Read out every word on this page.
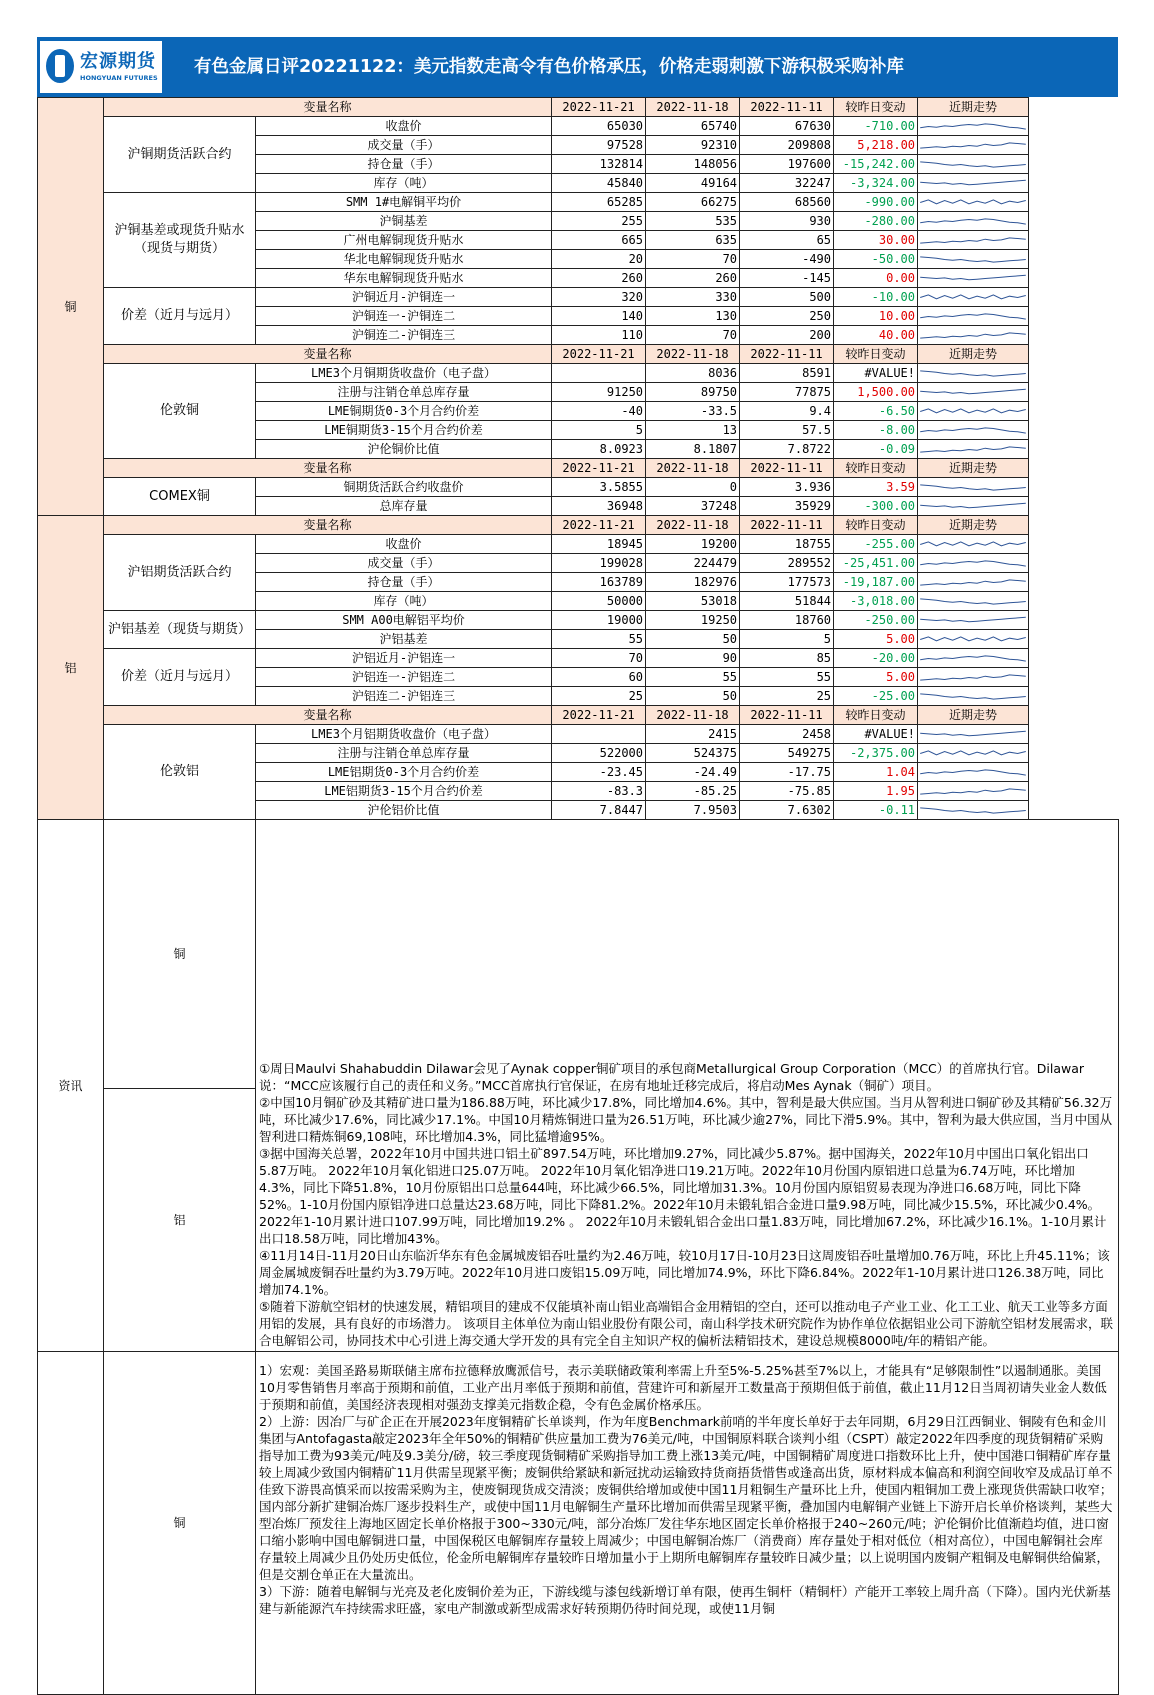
宏源期货
HONGYUAN FUTURES
有色金属日评20221122：美元指数走高令有色价格承压，价格走弱刺激下游积极采购补库
铜	变量名称		2022-11-21	2022-11-18	2022-11-11	较昨日变动	近期走势
	沪铜期货活跃合约	收盘价	65030	65740	67630	-710.00	

		成交量（手）	97528	92310	209808	5,218.00	

		持仓量（手）	132814	148056	197600	-15,242.00	

		库存（吨）	45840	49164	32247	-3,324.00	

	沪铜基差或现货升贴水（现货与期货）	SMM 1#电解铜平均价	65285	66275	68560	-990.00	

		沪铜基差	255	535	930	-280.00	

		广州电解铜现货升贴水	665	635	65	30.00	

		华北电解铜现货升贴水	20	70	-490	-50.00	

		华东电解铜现货升贴水	260	260	-145	0.00	

	价差（近月与远月）	沪铜近月-沪铜连一	320	330	500	-10.00	

		沪铜连一-沪铜连二	140	130	250	10.00	

		沪铜连二-沪铜连三	110	70	200	40.00	

	变量名称		2022-11-21	2022-11-18	2022-11-11	较昨日变动	近期走势
	伦敦铜	LME3个月铜期货收盘价（电子盘）		8036	8591	#VALUE!	

		注册与注销仓单总库存量	91250	89750	77875	1,500.00	

		LME铜期货0-3个月合约价差	-40	-33.5	9.4	-6.50	

		LME铜期货3-15个月合约价差	5	13	57.5	-8.00	

		沪伦铜价比值	8.0923	8.1807	7.8722	-0.09	

	变量名称		2022-11-21	2022-11-18	2022-11-11	较昨日变动	近期走势
	COMEX铜	铜期货活跃合约收盘价	3.5855	0	3.936	3.59	

		总库存量	36948	37248	35929	-300.00	

铝	变量名称		2022-11-21	2022-11-18	2022-11-11	较昨日变动	近期走势
	沪铝期货活跃合约	收盘价	18945	19200	18755	-255.00	

		成交量（手）	199028	224479	289552	-25,451.00	

		持仓量（手）	163789	182976	177573	-19,187.00	

		库存（吨）	50000	53018	51844	-3,018.00	

	沪铝基差（现货与期货）	SMM A00电解铝平均价	19000	19250	18760	-250.00	

		沪铝基差	55	50	5	5.00	

	价差（近月与远月）	沪铝近月-沪铝连一	70	90	85	-20.00	

		沪铝连一-沪铝连二	60	55	55	5.00	

		沪铝连二-沪铝连三	25	50	25	-25.00	

	变量名称		2022-11-21	2022-11-18	2022-11-11	较昨日变动	近期走势
	伦敦铝	LME3个月铝期货收盘价（电子盘）		2415	2458	#VALUE!	

		注册与注销仓单总库存量	522000	524375	549275	-2,375.00	

		LME铝期货0-3个月合约价差	-23.45	-24.49	-17.75	1.04	

		LME铝期货3-15个月合约价差	-83.3	-85.25	-75.85	1.95	

		沪伦铝价比值	7.8447	7.9503	7.6302	-0.11	

资讯	铜	①周日Maulvi Shahabuddin Dilawar会见了Aynak copper铜矿项目的承包商Metallurgical Group Corporation（MCC）的首席执行官。Dilawar说：“MCC应该履行自己的责任和义务。”MCC首席执行官保证，在房有地址迁移完成后，将启动Mes Aynak（铜矿）项目。
②中国10月铜矿砂及其精矿进口量为186.88万吨，环比减少17.8%，同比增加4.6%。其中，智利是最大供应国。当月从智利进口铜矿砂及其精矿56.32万吨，环比减少17.6%，同比减少17.1%。中国10月精炼铜进口量为26.51万吨，环比减少逾27%，同比下滑5.9%。其中，智利为最大供应国，当月中国从智利进口精炼铜69,108吨，环比增加4.3%，同比猛增逾95%。
③据中国海关总署，2022年10月中国共进口铝土矿897.54万吨，环比增加9.27%，同比减少5.87%。据中国海关，2022年10月中国出口氧化铝出口5.87万吨。 2022年10月氧化铝进口25.07万吨。 2022年10月氧化铝净进口19.21万吨。2022年10月份国内原铝进口总量为6.74万吨，环比增加4.3%，同比下降51.8%，10月份原铝出口总量644吨，环比减少66.5%，同比增加31.3%。10月份国内原铝贸易表现为净进口6.68万吨，同比下降52%。1-10月份国内原铝净进口总量达23.68万吨，同比下降81.2%。2022年10月未锻轧铝合金进口量9.98万吨，同比减少15.5%，环比减少0.4%。2022年1-10月累计进口107.99万吨，同比增加19.2% 。 2022年10月未锻轧铝合金出口量1.83万吨，同比增加67.2%，环比减少16.1%。1-10月累计出口18.58万吨，同比增加43%。
④11月14日-11月20日山东临沂华东有色金属城废铝吞吐量约为2.46万吨，较10月17日-10月23日这周废铝吞吐量增加0.76万吨，环比上升45.11%；该周金属城废铜吞吐量约为3.79万吨。2022年10月进口废铝15.09万吨，同比增加74.9%，环比下降6.84%。2022年1-10月累计进口126.38万吨，同比增加74.1%。
⑤随着下游航空铝材的快速发展，精铝项目的建成不仅能填补南山铝业高端铝合金用精铝的空白，还可以推动电子产业工业、化工工业、航天工业等多方面用铝的发展，具有良好的市场潜力。 该项目主体单位为南山铝业股份有限公司，南山科学技术研究院作为协作单位依据铝业公司下游航空铝材发展需求，联合电解铝公司，协同技术中心引进上海交通大学开发的具有完全自主知识产权的偏析法精铝技术，建设总规模8000吨/年的精铝产能。					
	铝						
	铜	1）宏观：美国圣路易斯联储主席布拉德释放鹰派信号，表示美联储政策利率需上升至5%-5.25%甚至7%以上，才能具有“足够限制性”以遏制通胀。美国10月零售销售月率高于预期和前值，工业产出月率低于预期和前值，营建许可和新屋开工数量高于预期但低于前值，截止11月12日当周初请失业金人数低于预期和前值，美国经济表现相对强劲支撑美元指数企稳，令有色金属价格承压。
2）上游：因冶厂与矿企正在开展2023年度铜精矿长单谈判，作为年度Benchmark前哨的半年度长单好于去年同期，6月29日江西铜业、铜陵有色和金川集团与Antofagasta敲定2023年全年50%的铜精矿供应量加工费为76美元/吨，中国铜原料联合谈判小组（CSPT）敲定2022年四季度的现货铜精矿采购指导加工费为93美元/吨及9.3美分/磅，较三季度现货铜精矿采购指导加工费上涨13美元/吨，中国铜精矿周度进口指数环比上升，使中国港口铜精矿库存量较上周减少致国内铜精矿11月供需呈现紧平衡；废铜供给紧缺和新冠扰动运输致持货商捂货惜售或逢高出货，原材料成本偏高和利润空间收窄及成品订单不佳致下游畏高慎采而以按需采购为主，使废铜现货成交清淡；废铜供给增加或使中国11月粗铜生产量环比上升，使国内粗铜加工费上涨现货供需缺口收窄；国内部分新扩建铜冶炼厂逐步投料生产，或使中国11月电解铜生产量环比增加而供需呈现紧平衡，叠加国内电解铜产业链上下游开启长单价格谈判，某些大型冶炼厂预发往上海地区固定长单价格报于300~330元/吨，部分冶炼厂发往华东地区固定长单价格报于240~260元/吨；沪伦铜价比值渐趋均值，进口窗口缩小影响中国电解铜进口量，中国保税区电解铜库存量较上周减少；中国电解铜冶炼厂（消费商）库存量处于相对低位（相对高位），中国电解铜社会库存量较上周减少且仍处历史低位，伦金所电解铜库存量较昨日增加量小于上期所电解铜库存量较昨日减少量；以上说明国内废铜产粗铜及电解铜供给偏紧，但是交割仓单正在大量流出。
3）下游：随着电解铜与光亮及老化废铜价差为正，下游线缆与漆包线新增订单有限，使再生铜杆（精铜杆）产能开工率较上周升高（下降）。国内光伏新基建与新能源汽车持续需求旺盛，家电产制激或新型成需求好转预期仍待时间兑现，或使11月铜					
